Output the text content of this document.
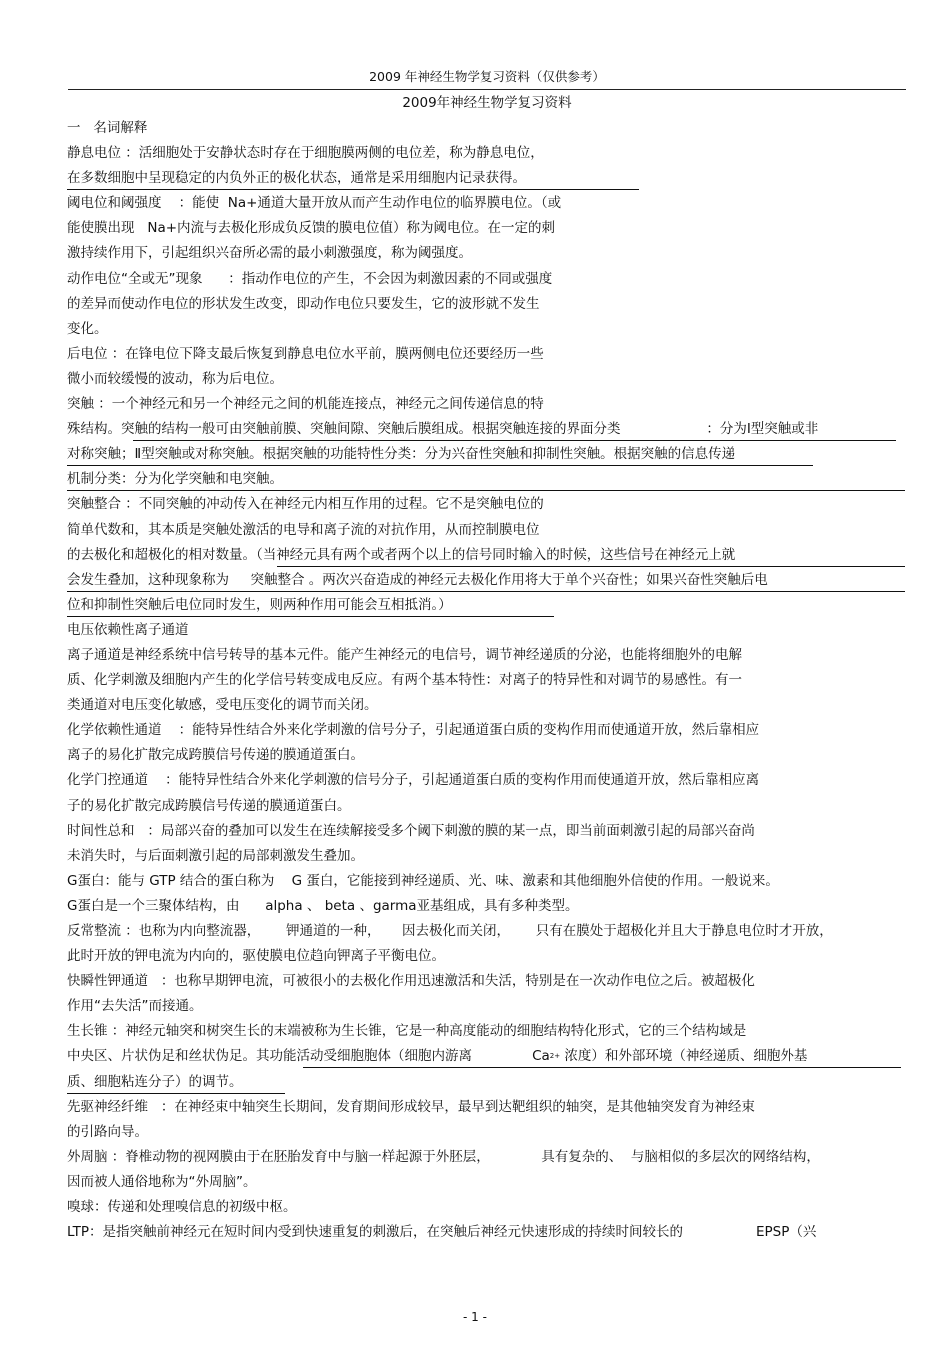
2009 年神经生物学复习资料（仅供参考）
2009年神经生物学复习资料
一   名词解释
静息电位 ：活细胞处于安静状态时存在于细胞膜两侧的电位差，称为静息电位，
在多数细胞中呈现稳定的内负外正的极化状态，通常是采用细胞内记录获得。
阈电位和阈强度    ：能使  Na+通道大量开放从而产生动作电位的临界膜电位。（或
能使膜出现   Na+内流与去极化形成负反馈的膜电位值）称为阈电位。在一定的刺
激持续作用下，引起组织兴奋所必需的最小刺激强度，称为阈强度。
动作电位“全或无”现象      ：指动作电位的产生，不会因为刺激因素的不同或强度
的差异而使动作电位的形状发生改变，即动作电位只要发生，它的波形就不发生
变化。
后电位 ：在锋电位下降支最后恢复到静息电位水平前，膜两侧电位还要经历一些
微小而较缓慢的波动，称为后电位。
突触 ：一个神经元和另一个神经元之间的机能连接点，神经元之间传递信息的特
殊结构。突触的结构一般可由突触前膜、突触间隙、突触后膜组成。根据突触连接的界面分类                    ：分为Ⅰ型突触或非
对称突触；Ⅱ型突触或对称突触。根据突触的功能特性分类：分为兴奋性突触和抑制性突触。根据突触的信息传递
机制分类：分为化学突触和电突触。
突触整合 ：不同突触的冲动传入在神经元内相互作用的过程。它不是突触电位的
简单代数和，其本质是突触处激活的电导和离子流的对抗作用，从而控制膜电位
的去极化和超极化的相对数量。（当神经元具有两个或者两个以上的信号同时输入的时候，这些信号在神经元上就
会发生叠加，这种现象称为     突触整合 。两次兴奋造成的神经元去极化作用将大于单个兴奋性；如果兴奋性突触后电
位和抑制性突触后电位同时发生，则两种作用可能会互相抵消。）
电压依赖性离子通道
离子通道是神经系统中信号转导的基本元件。能产生神经元的电信号，调节神经递质的分泌，也能将细胞外的电解
质、化学刺激及细胞内产生的化学信号转变成电反应。有两个基本特性：对离子的特异性和对调节的易感性。有一
类通道对电压变化敏感，受电压变化的调节而关闭。
化学依赖性通道    ：能特异性结合外来化学刺激的信号分子，引起通道蛋白质的变构作用而使通道开放，然后靠相应
离子的易化扩散完成跨膜信号传递的膜通道蛋白。
化学门控通道    ：能特异性结合外来化学刺激的信号分子，引起通道蛋白质的变构作用而使通道开放，然后靠相应离
子的易化扩散完成跨膜信号传递的膜通道蛋白。
时间性总和   ：局部兴奋的叠加可以发生在连续解接受多个阈下刺激的膜的某一点，即当前面刺激引起的局部兴奋尚
未消失时，与后面刺激引起的局部刺激发生叠加。
G蛋白：能与 GTP 结合的蛋白称为    G 蛋白，它能接到神经递质、光、味、激素和其他细胞外信使的作用。一般说来。
G蛋白是一个三聚体结构，由      alpha 、 beta 、garma亚基组成，具有多种类型。
反常整流 ：也称为内向整流器，      钾通道的一种，     因去极化而关闭，      只有在膜处于超极化并且大于静息电位时才开放，
此时开放的钾电流为内向的，驱使膜电位趋向钾离子平衡电位。
快瞬性钾通道   ：也称早期钾电流，可被很小的去极化作用迅速激活和失活，特别是在一次动作电位之后。被超极化
作用“去失活”而接通。
生长锥 ：神经元轴突和树突生长的末端被称为生长锥，它是一种高度能动的细胞结构特化形式，它的三个结构域是
中央区、片状伪足和丝状伪足。其功能活动受细胞胞体（细胞内游离              $Ca^{2+}$ 浓度）和外部环境（神经递质、细胞外基
质、细胞粘连分子）的调节。
先驱神经纤维   ：在神经束中轴突生长期间，发育期间形成较早，最早到达靶组织的轴突，是其他轴突发育为神经束
的引路向导。
外周脑 ：脊椎动物的视网膜由于在胚胎发育中与脑一样起源于外胚层，            具有复杂的、  与脑相似的多层次的网络结构，
因而被人通俗地称为“外周脑”。
嗅球：传递和处理嗅信息的初级中枢。
LTP：是指突触前神经元在短时间内受到快速重复的刺激后，在突触后神经元快速形成的持续时间较长的                 EPSP（兴
- 1 -
